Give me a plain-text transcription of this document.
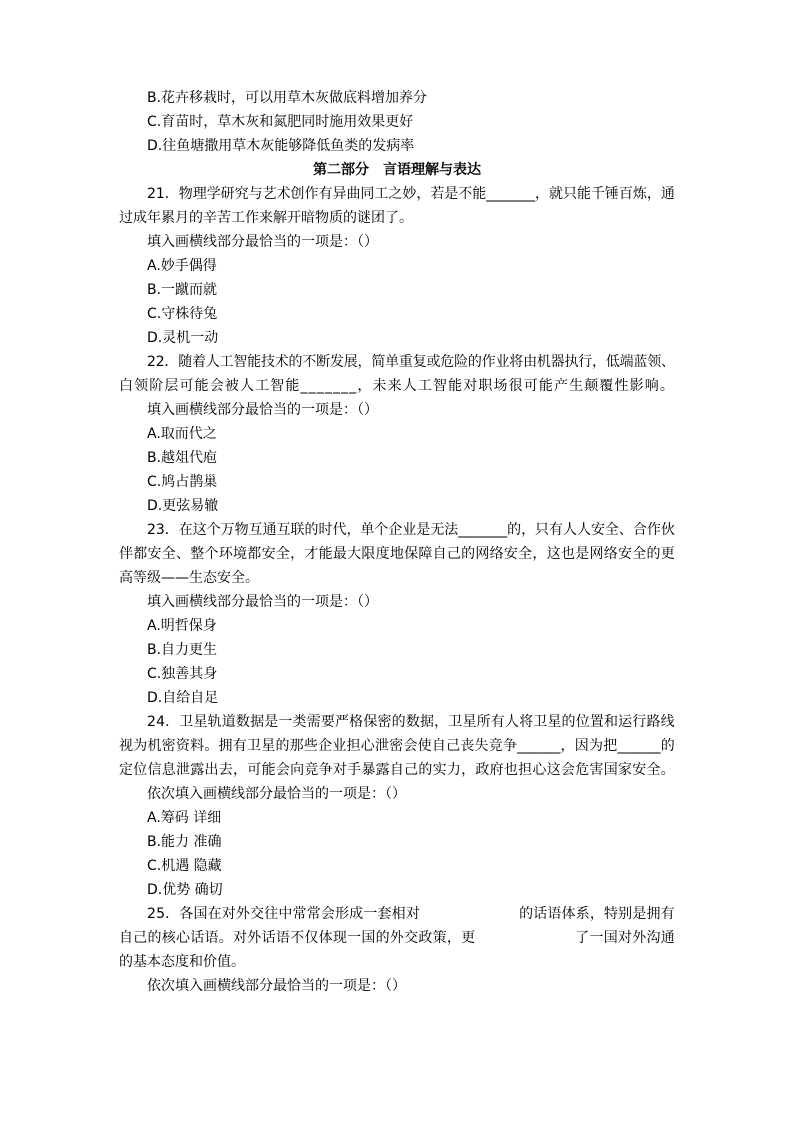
B.花卉移栽时，可以用草木灰做底料增加养分
C.育苗时，草木灰和氮肥同时施用效果更好
D.往鱼塘撒用草木灰能够降低鱼类的发病率
第二部分　言语理解与表达
21．物理学研究与艺术创作有异曲同工之妙，若是不能_______，就只能千锤百炼，通
过成年累月的辛苦工作来解开暗物质的谜团了。
填入画横线部分最恰当的一项是：（）
A.妙手偶得
B.一蹴而就
C.守株待兔
D.灵机一动
22．随着人工智能技术的不断发展，简单重复或危险的作业将由机器执行，低端蓝领、
白领阶层可能会被人工智能_______，未来人工智能对职场很可能产生颠覆性影响。
填入画横线部分最恰当的一项是：（）
A.取而代之
B.越俎代庖
C.鸠占鹊巢
D.更弦易辙
23．在这个万物互通互联的时代，单个企业是无法_______的，只有人人安全、合作伙
伴都安全、整个环境都安全，才能最大限度地保障自己的网络安全，这也是网络安全的更
高等级——生态安全。
填入画横线部分最恰当的一项是：（）
A.明哲保身
B.自力更生
C.独善其身
D.自给自足
24．卫星轨道数据是一类需要严格保密的数据，卫星所有人将卫星的位置和运行路线
视为机密资料。拥有卫星的那些企业担心泄密会使自己丧失竞争______，因为把______的
定位信息泄露出去，可能会向竞争对手暴露自己的实力，政府也担心这会危害国家安全。
依次填入画横线部分最恰当的一项是：（）
A.筹码 详细
B.能力 准确
C.机遇 隐藏
D.优势 确切
25．各国在对外交往中常常会形成一套相对　　　　　　　的话语体系，特别是拥有
自己的核心话语。对外话语不仅体现一国的外交政策，更　　　　　　　了一国对外沟通
的基本态度和价值。
依次填入画横线部分最恰当的一项是：（）
